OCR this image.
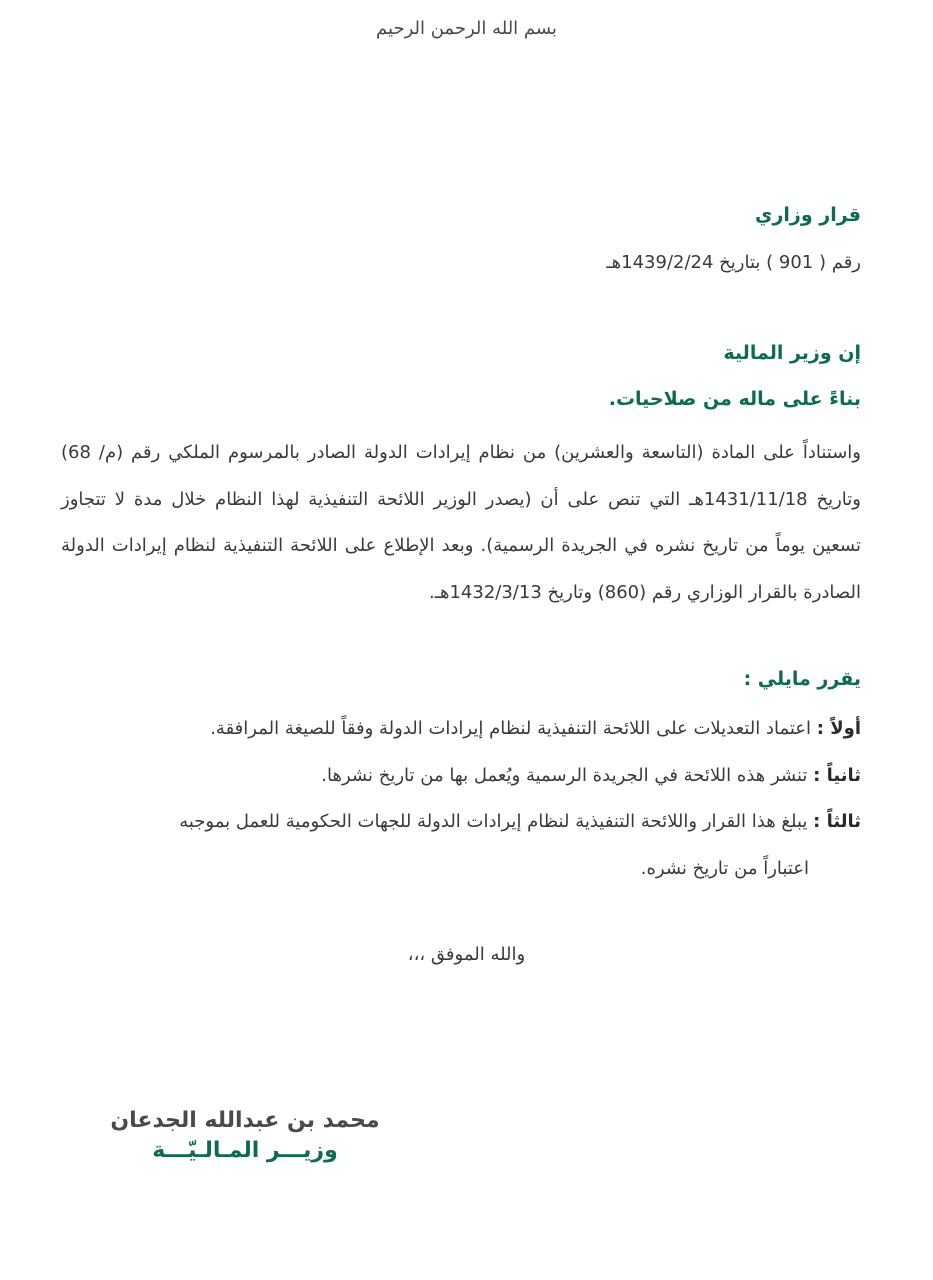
بسم الله الرحمن الرحيم
قرار وزاري
رقم ( 901 ) بتاريخ 1439/2/24هـ
إن وزير المالية
بناءً على ماله من صلاحيات.
واستناداً على المادة (التاسعة والعشرين) من نظام إيرادات الدولة الصادر بالمرسوم الملكي رقم (م/ 68) وتاريخ 1431/11/18هـ التي تنص على أن (يصدر الوزير اللائحة التنفيذية لهذا النظام خلال مدة لا تتجاوز تسعين يوماً من تاريخ نشره في الجريدة الرسمية). وبعد الإطلاع على اللائحة التنفيذية لنظام إيرادات الدولة الصادرة بالقرار الوزاري رقم (860) وتاريخ 1432/3/13هـ.
يقرر مايلي :
أولاً : اعتماد التعديلات على اللائحة التنفيذية لنظام إيرادات الدولة وفقاً للصيغة المرافقة.
ثانياً : تنشر هذه اللائحة في الجريدة الرسمية ويُعمل بها من تاريخ نشرها.
ثالثاً : يبلغ هذا القرار واللائحة التنفيذية لنظام إيرادات الدولة للجهات الحكومية للعمل بموجبه
اعتباراً من تاريخ نشره.
والله الموفق ،،،
محمد بن عبدالله الجدعان
وزيـــر المـالـيّـــة
